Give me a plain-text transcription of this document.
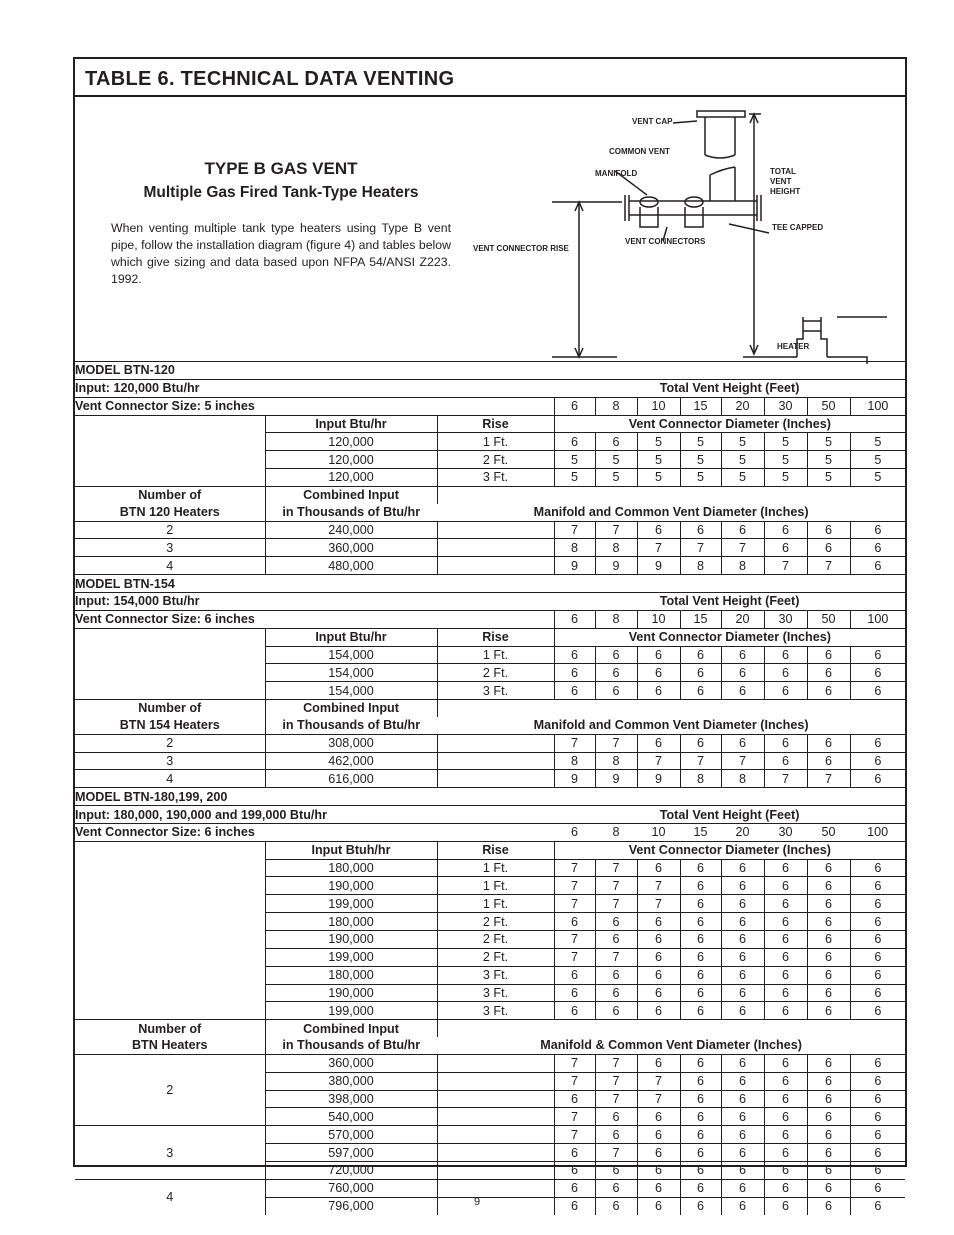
TABLE 6. TECHNICAL DATA VENTING
TYPE B GAS VENT
Multiple Gas Fired Tank-Type Heaters

When venting multiple tank type heaters using Type B vent pipe, follow the installation diagram (figure 4) and tables below which give sizing and data based upon NFPA 54/ANSI Z223. 1992.

VENT CAP
COMMON VENT
MANIFOLD	TOTAL
VENT
HEIGHT
TEE CAPPED
VENT CONNECTOR RISE
VENT CONNECTORS
HEATER
MODEL BTN-120										
Input: 120,000 Btu/hr			Total Vent Height (Feet)							
Vent Connector Size: 5 inches			6	8	10	15	20	30	50	100
	Input Btu/hr	Rise	Vent Connector Diameter (Inches)							
	120,000	1 Ft.	6	6	5	5	5	5	5	5
	120,000	2 Ft.	5	5	5	5	5	5	5	5
	120,000	3 Ft.	5	5	5	5	5	5	5	5
Number of	Combined Input									
BTN 120 Heaters	in Thousands of Btu/hr	Manifold and Common Vent Diameter (Inches)								
2	240,000		7	7	6	6	6	6	6	6
3	360,000		8	8	7	7	7	6	6	6
4	480,000		9	9	9	8	8	7	7	6
MODEL BTN-154										
Input: 154,000 Btu/hr			Total Vent Height (Feet)							
Vent Connector Size: 6 inches			6	8	10	15	20	30	50	100
	Input Btu/hr	Rise	Vent Connector Diameter (Inches)							
	154,000	1 Ft.	6	6	6	6	6	6	6	6
	154,000	2 Ft.	6	6	6	6	6	6	6	6
	154,000	3 Ft.	6	6	6	6	6	6	6	6
Number of	Combined Input									
BTN 154 Heaters	in Thousands of Btu/hr	Manifold and Common Vent Diameter (Inches)								
2	308,000		7	7	6	6	6	6	6	6
3	462,000		8	8	7	7	7	6	6	6
4	616,000		9	9	9	8	8	7	7	6
MODEL BTN-180,199, 200										
Input: 180,000, 190,000 and 199,000 Btu/hr			Total Vent Height (Feet)							
Vent Connector Size: 6 inches			6	8	10	15	20	30	50	100
	Input Btuh/hr	Rise	Vent Connector Diameter (Inches)							
	180,000	1 Ft.	7	7	6	6	6	6	6	6
	190,000	1 Ft.	7	7	7	6	6	6	6	6
	199,000	1 Ft.	7	7	7	6	6	6	6	6
	180,000	2 Ft.	6	6	6	6	6	6	6	6
	190,000	2 Ft.	7	6	6	6	6	6	6	6
	199,000	2 Ft.	7	7	6	6	6	6	6	6
	180,000	3 Ft.	6	6	6	6	6	6	6	6
	190,000	3 Ft.	6	6	6	6	6	6	6	6
	199,000	3 Ft.	6	6	6	6	6	6	6	6
Number of	Combined Input									
BTN Heaters	in Thousands of Btu/hr	Manifold & Common Vent Diameter (Inches)								
2	360,000		7	7	6	6	6	6	6	6
	380,000		7	7	7	6	6	6	6	6
	398,000		6	7	7	6	6	6	6	6
	540,000		7	6	6	6	6	6	6	6
3	570,000		7	6	6	6	6	6	6	6
	597,000		6	7	6	6	6	6	6	6
	720,000		6	6	6	6	6	6	6	6
4	760,000		6	6	6	6	6	6	6	6
	796,000		6	6	6	6	6	6	6	6
9
